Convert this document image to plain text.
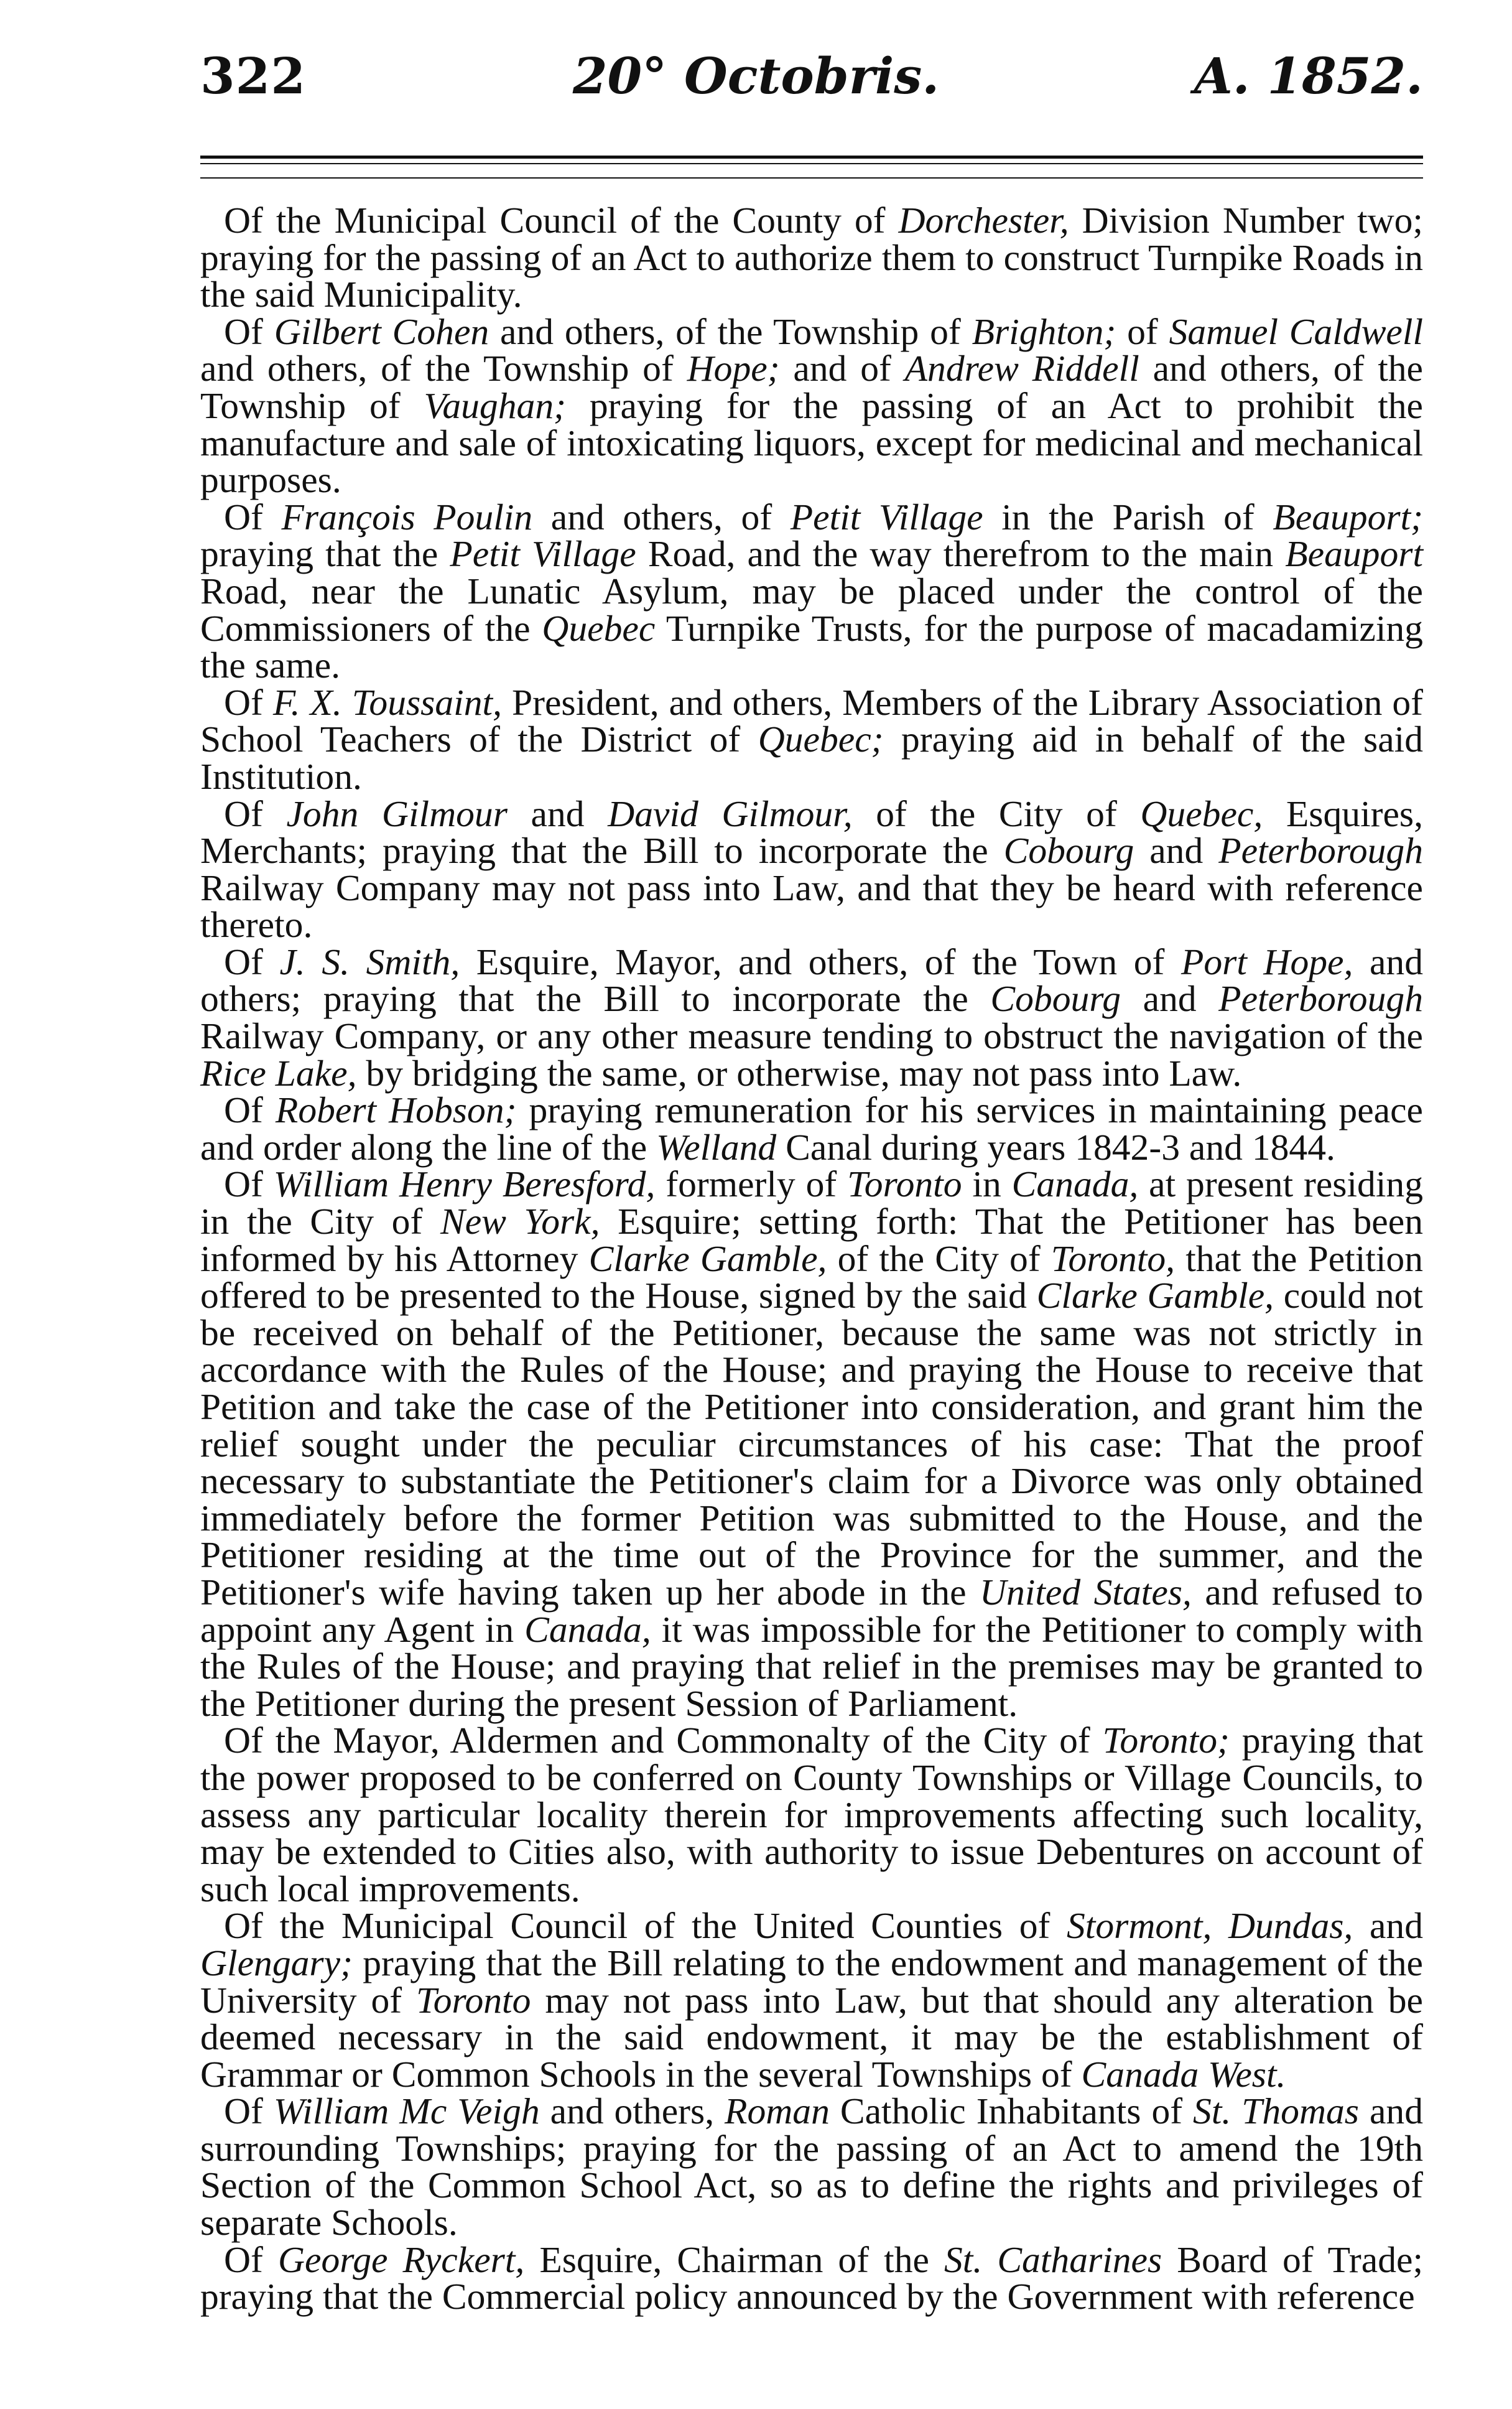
322	20° Octobris.	A. 1852.

Of the Municipal Council of the County of Dorchester, Division Number two; praying for the passing of an Act to authorize them to construct Turnpike Roads in the said Municipality.

Of Gilbert Cohen and others, of the Township of Brighton; of Samuel Caldwell and others, of the Township of Hope; and of Andrew Riddell and others, of the Township of Vaughan; praying for the passing of an Act to prohibit the manufacture and sale of intoxicating liquors, except for medicinal and mechanical purposes.

Of François Poulin and others, of Petit Village in the Parish of Beauport; praying that the Petit Village Road, and the way therefrom to the main Beauport Road, near the Lunatic Asylum, may be placed under the control of the Commissioners of the Quebec Turnpike Trusts, for the purpose of macadamizing the same.

Of F. X. Toussaint, President, and others, Members of the Library Association of School Teachers of the District of Quebec; praying aid in behalf of the said Institution.

Of John Gilmour and David Gilmour, of the City of Quebec, Esquires, Merchants; praying that the Bill to incorporate the Cobourg and Peterborough Railway Company may not pass into Law, and that they be heard with reference thereto.

Of J. S. Smith, Esquire, Mayor, and others, of the Town of Port Hope, and others; praying that the Bill to incorporate the Cobourg and Peterborough Railway Company, or any other measure tending to obstruct the navigation of the Rice Lake, by bridging the same, or otherwise, may not pass into Law.

Of Robert Hobson; praying remuneration for his services in maintaining peace and order along the line of the Welland Canal during years 1842-3 and 1844.

Of William Henry Beresford, formerly of Toronto in Canada, at present residing in the City of New York, Esquire; setting forth: That the Petitioner has been informed by his Attorney Clarke Gamble, of the City of Toronto, that the Petition offered to be presented to the House, signed by the said Clarke Gamble, could not be received on behalf of the Petitioner, because the same was not strictly in accordance with the Rules of the House; and praying the House to receive that Petition and take the case of the Petitioner into consideration, and grant him the relief sought under the peculiar circumstances of his case: That the proof necessary to substantiate the Petitioner's claim for a Divorce was only obtained immediately before the former Petition was submitted to the House, and the Petitioner residing at the time out of the Province for the summer, and the Petitioner's wife having taken up her abode in the United States, and refused to appoint any Agent in Canada, it was impossible for the Petitioner to comply with the Rules of the House; and praying that relief in the premises may be granted to the Petitioner during the present Session of Parliament.

Of the Mayor, Aldermen and Commonalty of the City of Toronto; praying that the power proposed to be conferred on County Townships or Village Councils, to assess any particular locality therein for improvements affecting such locality, may be extended to Cities also, with authority to issue Debentures on account of such local improvements.

Of the Municipal Council of the United Counties of Stormont, Dundas, and Glengary; praying that the Bill relating to the endowment and management of the University of Toronto may not pass into Law, but that should any alteration be deemed necessary in the said endowment, it may be the establishment of Grammar or Common Schools in the several Townships of Canada West.

Of William Mc Veigh and others, Roman Catholic Inhabitants of St. Thomas and surrounding Townships; praying for the passing of an Act to amend the 19th Section of the Common School Act, so as to define the rights and privileges of separate Schools.

Of George Ryckert, Esquire, Chairman of the St. Catharines Board of Trade; praying that the Commercial policy announced by the Government with reference
